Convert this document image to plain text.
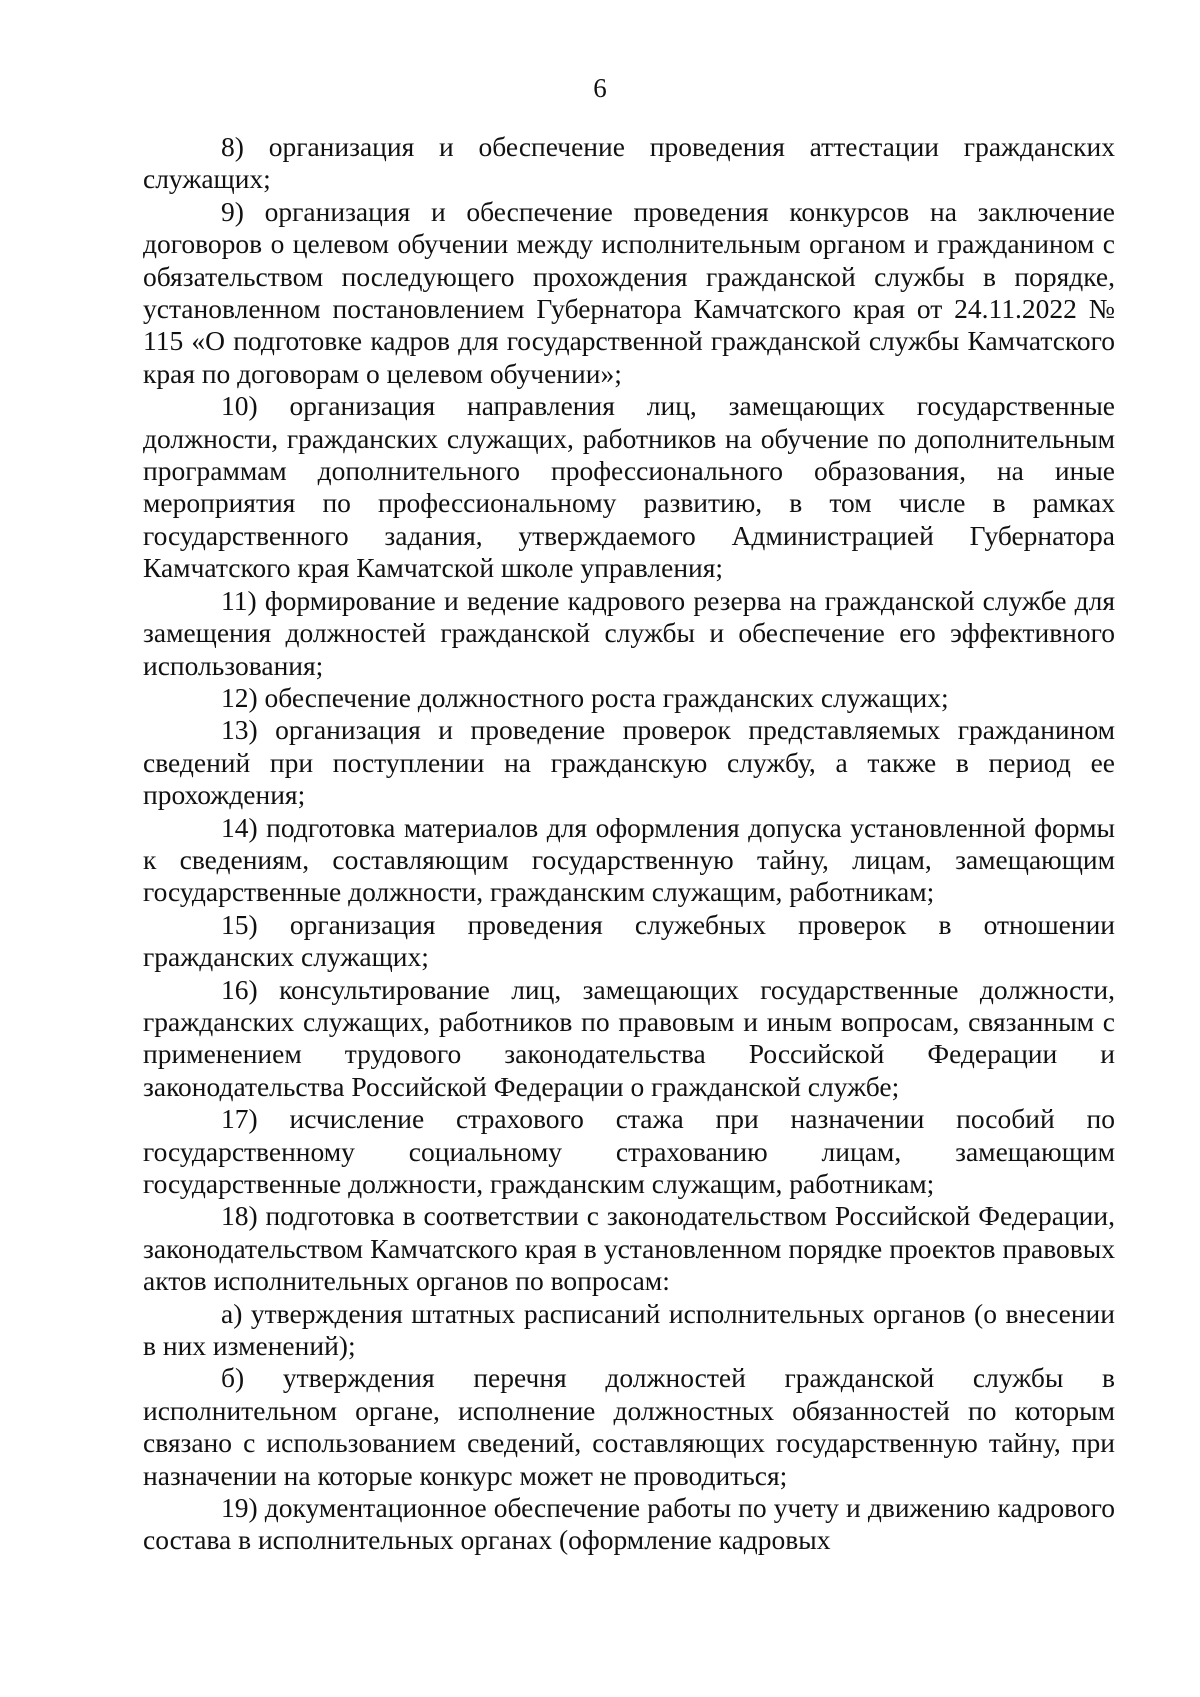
6

8) организация и обеспечение проведения аттестации гражданских служащих;

9) организация и обеспечение проведения конкурсов на заключение договоров о целевом обучении между исполнительным органом и гражданином с обязательством последующего прохождения гражданской службы в порядке, установленном постановлением Губернатора Камчатского края от 24.11.2022 № 115 «О подготовке кадров для государственной гражданской службы Камчатского края по договорам о целевом обучении»;

10) организация направления лиц, замещающих государственные должности, гражданских служащих, работников на обучение по дополнительным программам дополнительного профессионального образования, на иные мероприятия по профессиональному развитию, в том числе в рамках государственного задания, утверждаемого Администрацией Губернатора Камчатского края Камчатской школе управления;

11) формирование и ведение кадрового резерва на гражданской службе для замещения должностей гражданской службы и обеспечение его эффективного использования;

12) обеспечение должностного роста гражданских служащих;

13) организация и проведение проверок представляемых гражданином сведений при поступлении на гражданскую службу, а также в период ее прохождения;

14) подготовка материалов для оформления допуска установленной формы к сведениям, составляющим государственную тайну, лицам, замещающим государственные должности, гражданским служащим, работникам;

15) организация проведения служебных проверок в отношении гражданских служащих;

16) консультирование лиц, замещающих государственные должности, гражданских служащих, работников по правовым и иным вопросам, связанным с применением трудового законодательства Российской Федерации и законодательства Российской Федерации о гражданской службе;

17) исчисление страхового стажа при назначении пособий по государственному социальному страхованию лицам, замещающим государственные должности, гражданским служащим, работникам;

18) подготовка в соответствии с законодательством Российской Федерации, законодательством Камчатского края в установленном порядке проектов правовых актов исполнительных органов по вопросам:

а) утверждения штатных расписаний исполнительных органов (о внесении в них изменений);

б) утверждения перечня должностей гражданской службы в исполнительном органе, исполнение должностных обязанностей по которым связано с использованием сведений, составляющих государственную тайну, при назначении на которые конкурс может не проводиться;

19) документационное обеспечение работы по учету и движению кадрового состава в исполнительных органах (оформление кадровых
